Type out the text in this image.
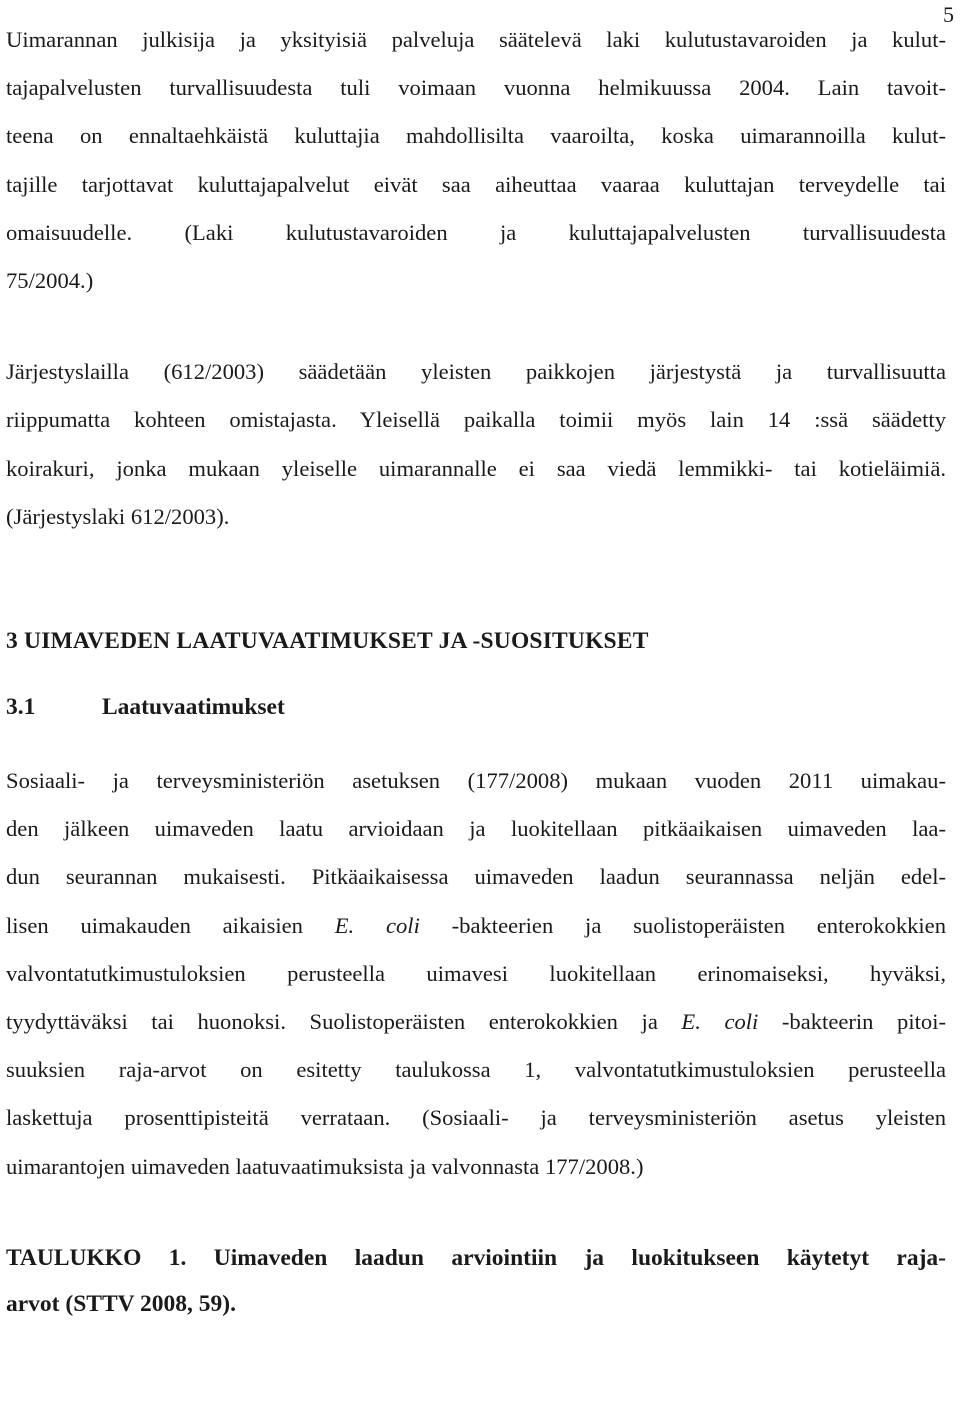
5

Uimarannan julkisija ja yksityisiä palveluja säätelevä laki kulutustavaroiden ja kulut-
tajapalvelusten turvallisuudesta tuli voimaan vuonna helmikuussa 2004. Lain tavoit-
teena on ennaltaehkäistä kuluttajia mahdollisilta vaaroilta, koska uimarannoilla kulut-
tajille tarjottavat kuluttajapalvelut eivät saa aiheuttaa vaaraa kuluttajan terveydelle tai
omaisuudelle. (Laki kulutustavaroiden ja kuluttajapalvelusten turvallisuudesta
75/2004.)

Järjestyslailla (612/2003) säädetään yleisten paikkojen järjestystä ja turvallisuutta
riippumatta kohteen omistajasta. Yleisellä paikalla toimii myös lain 14 :ssä säädetty
koirakuri, jonka mukaan yleiselle uimarannalle ei saa viedä lemmikki- tai kotieläimiä.
(Järjestyslaki 612/2003).

3 UIMAVEDEN LAATUVAATIMUKSET JA -SUOSITUKSET
3.1	Laatuvaatimukset

Sosiaali- ja terveysministeriön asetuksen (177/2008) mukaan vuoden 2011 uimakau-
den jälkeen uimaveden laatu arvioidaan ja luokitellaan pitkäaikaisen uimaveden laa-
dun seurannan mukaisesti. Pitkäaikaisessa uimaveden laadun seurannassa neljän edel-
lisen uimakauden aikaisien E. coli -bakteerien ja suolistoperäisten enterokokkien
valvontatutkimustuloksien perusteella uimavesi luokitellaan erinomaiseksi, hyväksi,
tyydyttäväksi tai huonoksi. Suolistoperäisten enterokokkien ja E. coli -bakteerin pitoi-
suuksien raja-arvot on esitetty taulukossa 1, valvontatutkimustuloksien perusteella
laskettuja prosenttipisteitä verrataan. (Sosiaali- ja terveysministeriön asetus yleisten
uimarantojen uimaveden laatuvaatimuksista ja valvonnasta 177/2008.)

TAULUKKO 1. Uimaveden laadun arviointiin ja luokitukseen käytetyt raja-
arvot (STTV 2008, 59).
